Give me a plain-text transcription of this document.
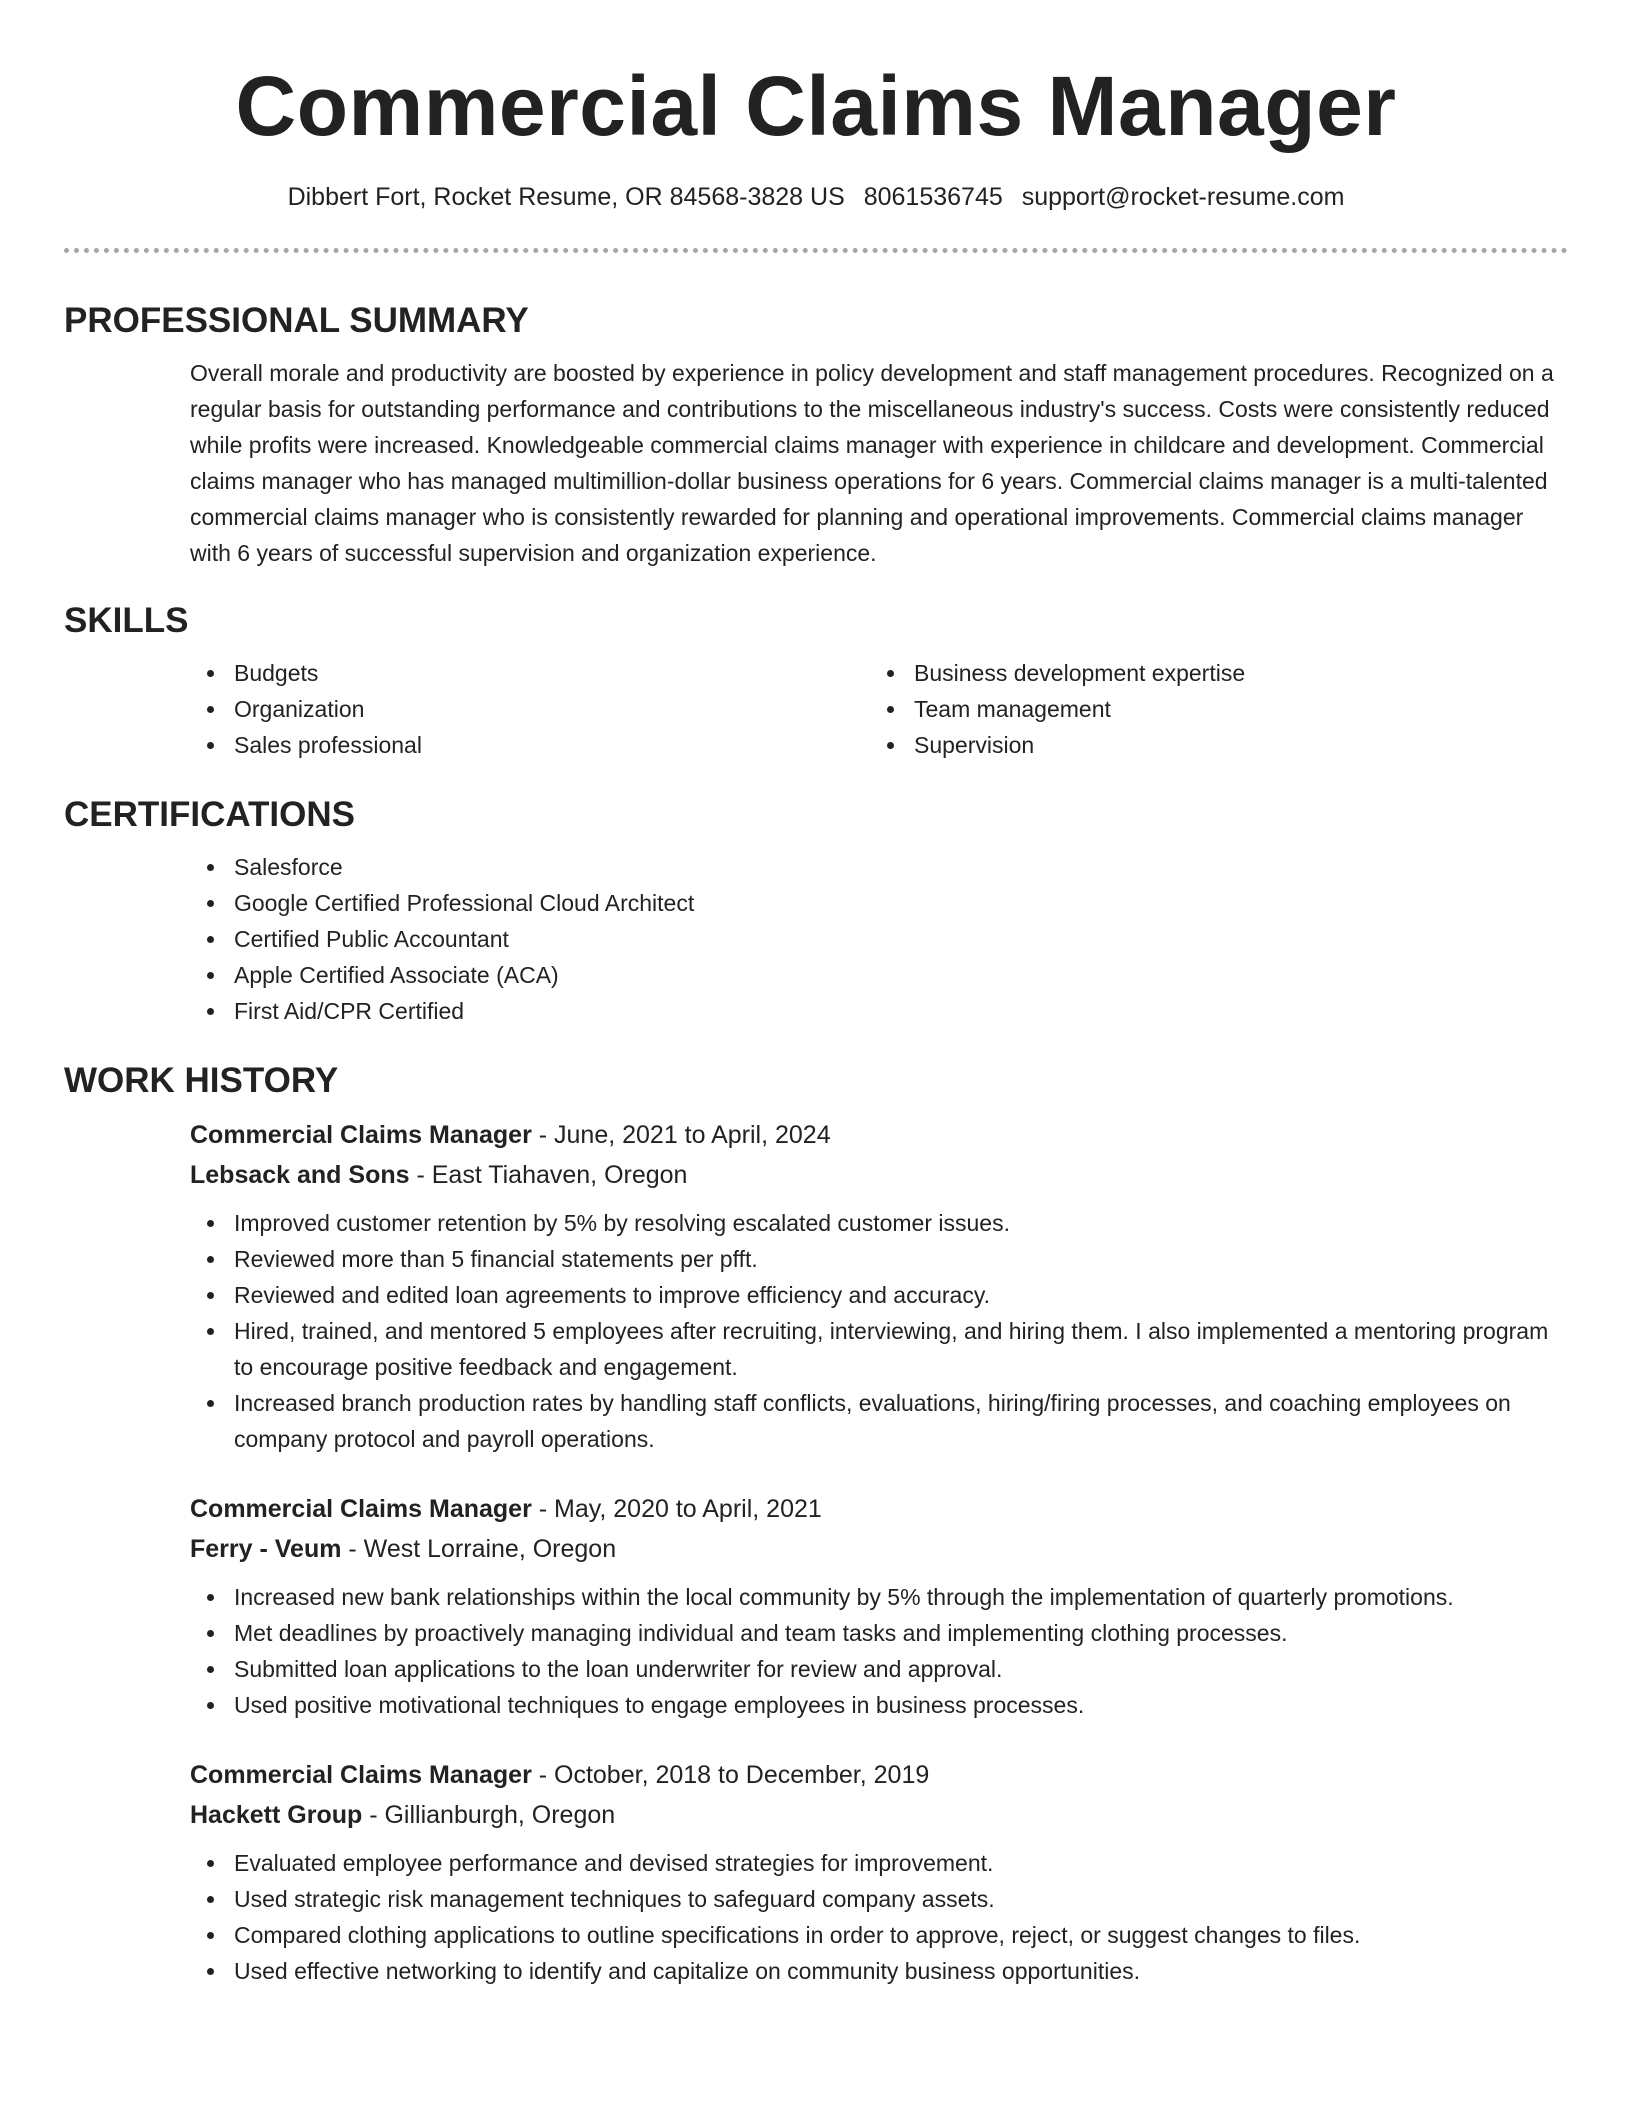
Commercial Claims Manager
Dibbert Fort, Rocket Resume, OR 84568-3828 US 8061536745 support@rocket-resume.com
PROFESSIONAL SUMMARY

Overall morale and productivity are boosted by experience in policy development and staff management procedures. Recognized on a regular basis for outstanding performance and contributions to the miscellaneous industry's success. Costs were consistently reduced while profits were increased. Knowledgeable commercial claims manager with experience in childcare and development. Commercial claims manager who has managed multimillion-dollar business operations for 6 years. Commercial claims manager is a multi-talented commercial claims manager who is consistently rewarded for planning and operational improvements. Commercial claims manager with 6 years of successful supervision and organization experience.

SKILLS
Budgets
Organization
Sales professional
Business development expertise
Team management
Supervision
CERTIFICATIONS
Salesforce
Google Certified Professional Cloud Architect
Certified Public Accountant
Apple Certified Associate (ACA)
First Aid/CPR Certified
WORK HISTORY
Commercial Claims Manager - June, 2021 to April, 2024
Lebsack and Sons - East Tiahaven, Oregon
Improved customer retention by 5% by resolving escalated customer issues.
Reviewed more than 5 financial statements per pfft.
Reviewed and edited loan agreements to improve efficiency and accuracy.
Hired, trained, and mentored 5 employees after recruiting, interviewing, and hiring them. I also implemented a mentoring program to encourage positive feedback and engagement.
Increased branch production rates by handling staff conflicts, evaluations, hiring/firing processes, and coaching employees on company protocol and payroll operations.
Commercial Claims Manager - May, 2020 to April, 2021
Ferry - Veum - West Lorraine, Oregon
Increased new bank relationships within the local community by 5% through the implementation of quarterly promotions.
Met deadlines by proactively managing individual and team tasks and implementing clothing processes.
Submitted loan applications to the loan underwriter for review and approval.
Used positive motivational techniques to engage employees in business processes.
Commercial Claims Manager - October, 2018 to December, 2019
Hackett Group - Gillianburgh, Oregon
Evaluated employee performance and devised strategies for improvement.
Used strategic risk management techniques to safeguard company assets.
Compared clothing applications to outline specifications in order to approve, reject, or suggest changes to files.
Used effective networking to identify and capitalize on community business opportunities.
